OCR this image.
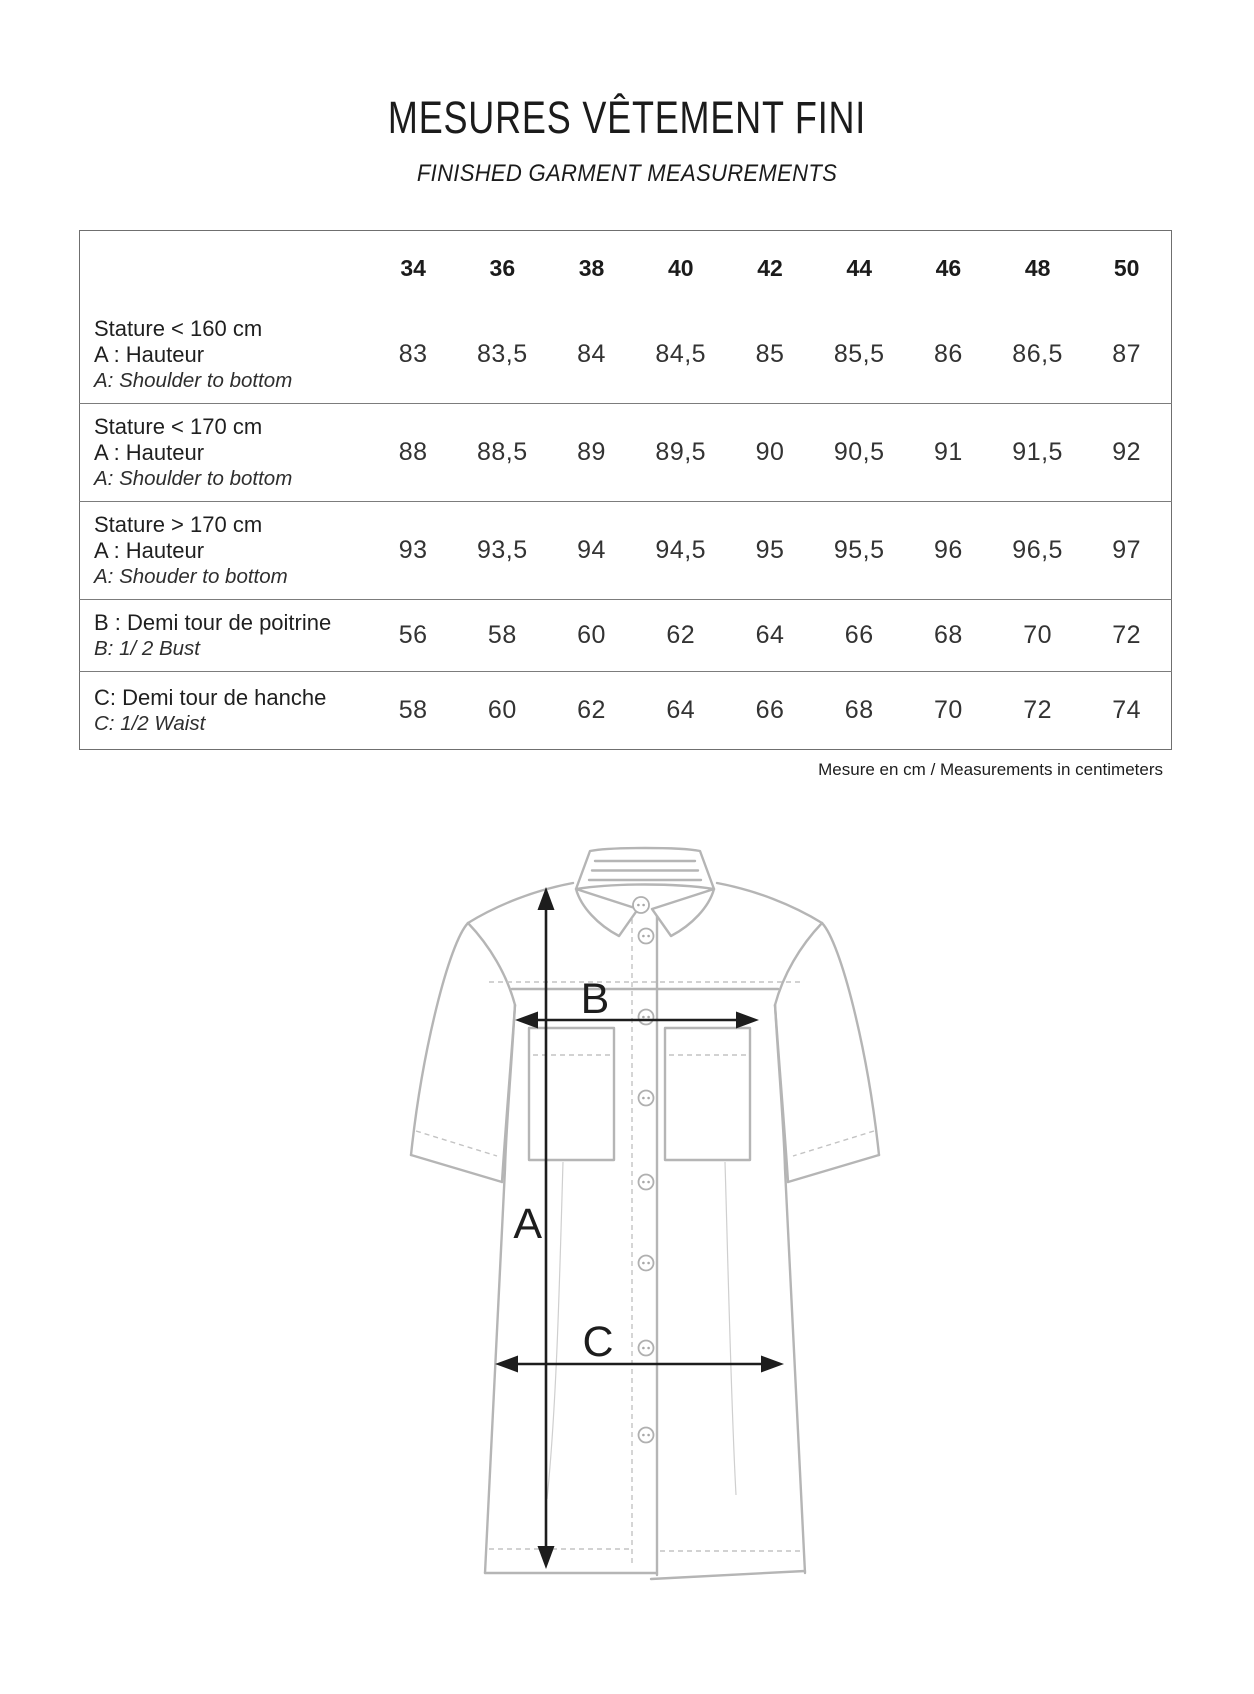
MESURES VÊTEMENT FINI
FINISHED GARMENT MEASUREMENTS
	34	36	38	40	42	44	46	48	50

Stature < 160 cm
A : Hauteur
A: Shoulder to bottom	83	83,5	84	84,5	85	85,5	86	86,5	87

Stature < 170 cm
A : Hauteur
A: Shoulder to bottom	88	88,5	89	89,5	90	90,5	91	91,5	92

Stature > 170 cm
A : Hauteur
A: Shouder to bottom	93	93,5	94	94,5	95	95,5	96	96,5	97

B : Demi tour de poitrine
B: 1/ 2 Bust	56	58	60	62	64	66	68	70	72

C: Demi tour de hanche
C: 1/2 Waist	58	60	62	64	66	68	70	72	74
Mesure en cm / Measurements in centimeters
A
B
C
